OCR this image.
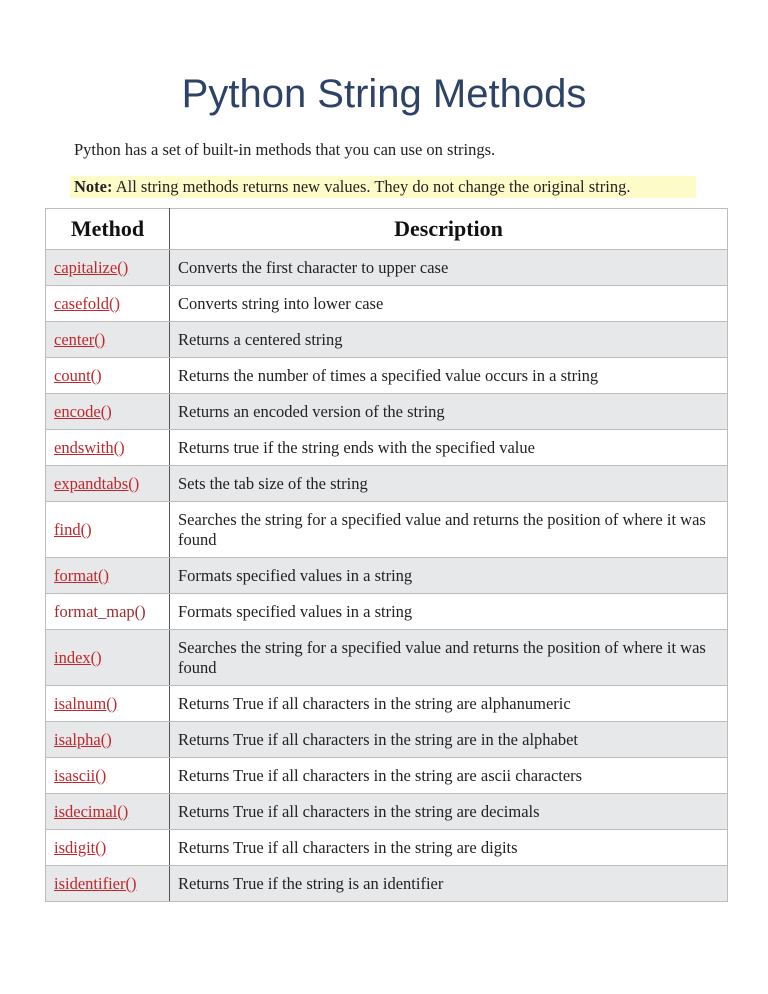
Python String Methods
Python has a set of built-in methods that you can use on strings.
Note: All string methods returns new values. They do not change the original string.
Method	Description
capitalize()	Converts the first character to upper case
casefold()	Converts string into lower case
center()	Returns a centered string
count()	Returns the number of times a specified value occurs in a string
encode()	Returns an encoded version of the string
endswith()	Returns true if the string ends with the specified value
expandtabs()	Sets the tab size of the string
find()	Searches the string for a specified value and returns the position of where it was found
format()	Formats specified values in a string
format_map()	Formats specified values in a string
index()	Searches the string for a specified value and returns the position of where it was found
isalnum()	Returns True if all characters in the string are alphanumeric
isalpha()	Returns True if all characters in the string are in the alphabet
isascii()	Returns True if all characters in the string are ascii characters
isdecimal()	Returns True if all characters in the string are decimals
isdigit()	Returns True if all characters in the string are digits
isidentifier()	Returns True if the string is an identifier
